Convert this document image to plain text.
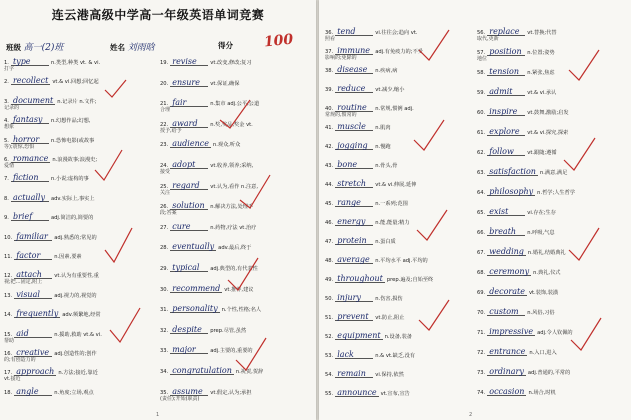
连云港高级中学高一年级英语单词竞赛
班级 高一(2)班	姓名 刘雨晗	得分 100
1. type	n.类型,种类 vt. & vi.
打字
2. recollect vt.& vi.回想;回忆起
3. document n.记录片 n.文件;
记录的
4. fantasy n.幻想作品;幻想,
想象
5. horror n.恐怖电影(或故事
等);震惊,恐惧
6. romance n.浪漫故事;浪漫史;
爱情
7. fiction n.小说;虚构的事
8. actually adv.实际上,事实上
9. brief	adj.简洁的,简要的
10. familiar adj.熟悉的;常见的
11. factor	n.因素,要素
12. attach vt.认为有重要性,重
视;把…固定,附上
13. visual	adj.视力的,视觉的
14. frequently adv.频繁地,经常
15. aid	n.援助,救助 vt.& vi.
帮助
16. creative adj.创造性的;创作
的;有创造力的
17. approach n.方法;接近,靠近
vt.接近
18. angle	n.角度;立场,观点
19. revise	vt.改变,修改;复习
20. ensure vt.保证,确保
21. fair	n.集市 adj.公平,公道
合理
22. award n.奖,奖品,奖金 vt.
授予,给予
23. audience n.观众,听众
24. adopt	vt.收养,领养;采纳,
接受
25. regard vt.认为,看作 n.注意,
关注
26. solution n.解决方法,处理手
段;答案
27. cure	n.药物,疗法 vt.治疗
28. eventually adv.最后,终于
29. typical adj.典型的,有代表性
30. recommend vt.推荐,建议
31. personality n.个性,性格;名人
32. despite prep.尽管,虽然
33. major	adj.主要的,重要的
34. congratulation n.祝贺,贺辞
35. assume vt.假定,认为;承担
(责任);开始(职责)
1
36. tend	vi.往往会;趋向 vt.
照看
37. immune adj.有免疫力的;不受
影响的;免除的
38. disease n.疾病,病
39. reduce vt.减少,缩小
40. routine n.常规,惯例 adj.
常规的,惯常的
41. muscle n.肌肉
42. jogging n.慢跑
43. bone	n.骨头,骨
44. stretch vt.& vi.伸展,延伸
45. range	n.一系列;范围
46. energy n.能,能量;精力
47. protein n.蛋白质
48. average n.平均水平 adj.平均的
49. throughout prep.遍及;自始至终
50. injury	n.伤害,损伤
51. prevent vt.防止,阻止
52. equipment n.设备,装备
53. lack	n.& vt.缺乏,没有
54. remain vi.保持,依然
55. announce vt.宣布,宣告
56. replace vt.替换;代替
取代,更新
57. position n.位置;姿势
地位
58. tension n.紧张,焦虑
59. admit	vt.& vi.承认
60. inspire vt.鼓舞,激励;启发
61. explore vt.& vi.探究,探索
62. follow	vt.跟随;遵循
63. satisfaction n.满意,满足
64. philosophy n.哲学;人生哲学
65. exist	vi.存在;生存
66. breath n.呼吸,气息
67. wedding n.婚礼,结婚典礼
68. ceremony n.典礼,仪式
69. decorate vt.装饰,装潢
70. custom n.风俗,习俗
71. impressive adj.令人钦佩的
72. entrance n.入口,进入
73. ordinary adj.普通的,平常的
74. occasion n.场合,时机
2
